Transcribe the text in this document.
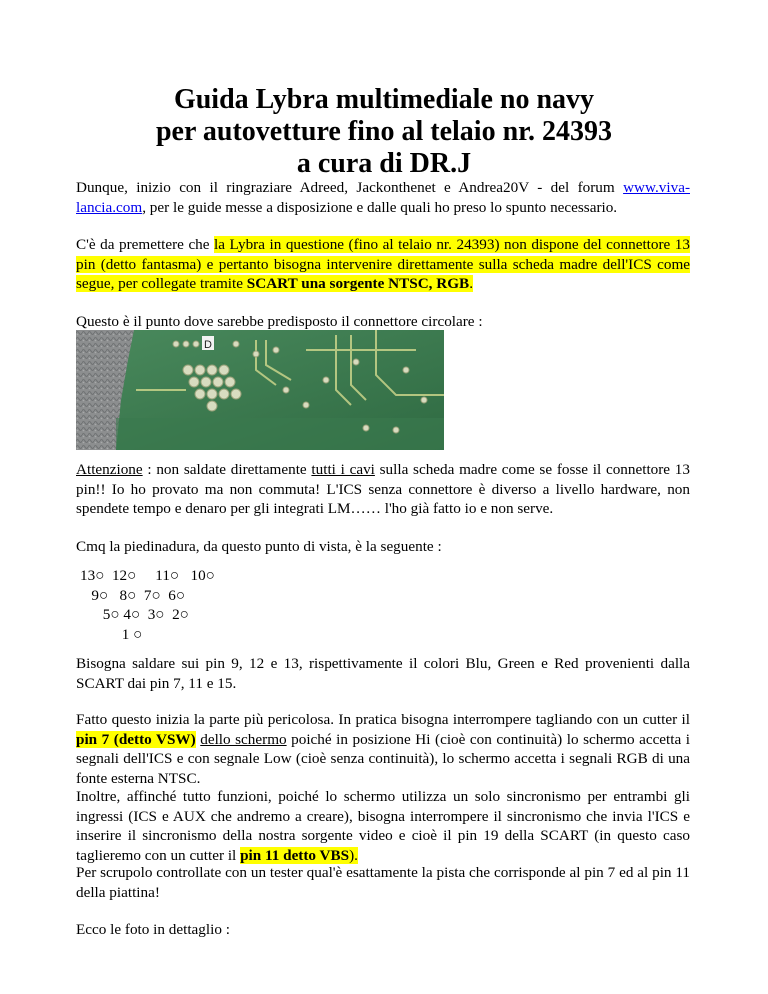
Guida Lybra multimediale no navy
per autovetture fino al telaio nr. 24393
a cura di DR.J
Dunque, inizio con il ringraziare Adreed, Jackonthenet e Andrea20V - del forum www.viva-lancia.com, per le guide messe a disposizione e dalle quali ho preso lo spunto necessario.
C'è da premettere che la Lybra in questione (fino al telaio nr. 24393) non dispone del connettore 13 pin (detto fantasma) e pertanto bisogna intervenire direttamente sulla scheda madre dell'ICS come segue, per collegate tramite SCART una sorgente NTSC, RGB.
Questo è il punto dove sarebbe predisposto il connettore circolare :
D
Attenzione : non saldate direttamente tutti i cavi sulla scheda madre come se fosse il connettore 13 pin!! Io ho provato ma non commuta! L'ICS senza connettore è diverso a livello hardware, non spendete tempo e denaro per gli integrati LM…… l'ho già fatto io e non serve.
Cmq la piedinadura, da questo punto di vista, è la seguente :
13○  12○     11○   10○
9○   8○  7○  6○
5○ 4○  3○  2○
1 ○
Bisogna saldare sui pin 9, 12 e 13, rispettivamente il colori Blu, Green e Red provenienti dalla SCART dai pin 7, 11 e 15.
Fatto questo inizia la parte più pericolosa. In pratica bisogna interrompere tagliando con un cutter il pin 7 (detto VSW) dello schermo poiché in posizione Hi (cioè con continuità) lo schermo accetta i segnali dell'ICS e con segnale Low (cioè senza continuità), lo schermo accetta i segnali RGB di una fonte esterna NTSC.
Inoltre, affinché tutto funzioni, poiché lo schermo utilizza un solo sincronismo per entrambi gli ingressi (ICS e AUX che andremo a creare), bisogna interrompere il sincronismo che invia l'ICS e inserire il sincronismo della nostra sorgente video e cioè il pin 19 della SCART (in questo caso taglieremo con un cutter il pin 11 detto VBS).
Per scrupolo controllate con un tester qual'è esattamente la pista che corrisponde al pin 7 ed al pin 11 della piattina!
Ecco le foto in dettaglio :
